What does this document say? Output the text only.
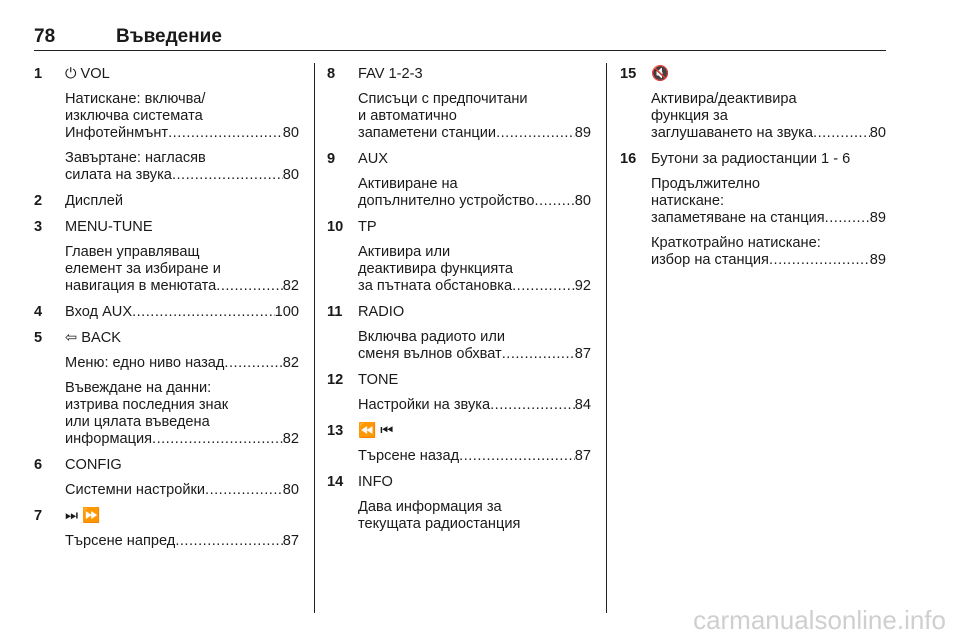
78	Въведение
1 ⏻ VOL
Натискане: включва/
изключва системата
Инфотейнмънт .....	80
Завъртане: нагласяв
силата на звука .....	80
2 Дисплей
3 MENU-TUNE
Главен управляващ
елемент за избиране и
навигация в менютата .....	82
4 Вход AUX .....	100
5 ⇦ BACK
Меню: едно ниво назад .....	82
Въвеждане на данни:
изтрива последния знак
или цялата въведена
информация .....	82
6 CONFIG
Системни настройки .....	80
7 ⏭ ⏩
Търсене напред .....	87
8 FAV 1-2-3
Списъци с предпочитани
и автоматично
запаметени станции .....	89
9 AUX
Активиране на
допълнително устройство .....	80
10 TP
Активира или
деактивира функцията
за пътната обстановка .....	92
11 RADIO
Включва радиото или
сменя вълнов обхват .....	87
12 TONE
Настройки на звука .....	84
13 ⏪ ⏮
Търсене назад .....	87
14 INFO
Дава информация за
текущата радиостанция
15 🔇
Активира/деактивира
функция за
заглушаването на звука .....	80
16 Бутони за радиостанции 1 - 6
Продължително
натискане:
запаметяване на станция .....	89
Краткотрайно натискане:
избор на станция .....	89
carmanualsonline.info
